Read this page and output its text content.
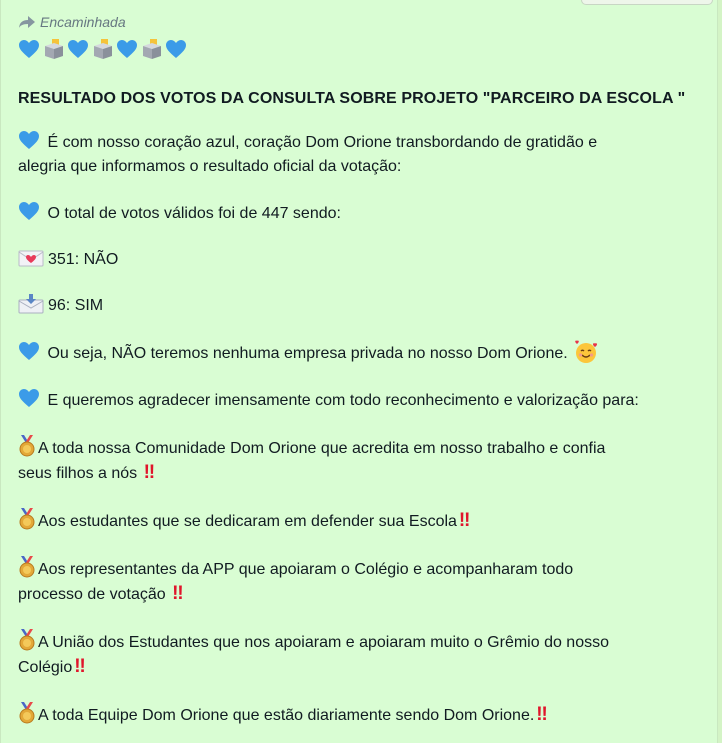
Encaminhada
RESULTADO DOS VOTOS DA CONSULTA SOBRE PROJETO "PARCEIRO DA ESCOLA "

É com nosso coração azul, coração Dom Orione transbordando de gratidão e
alegria que informamos o resultado oficial da votação:

O total de votos válidos foi de 447 sendo:

351: NÃO

96: SIM

Ou seja, NÃO teremos nenhuma empresa privada no nosso Dom Orione.

E queremos agradecer imensamente com todo reconhecimento e valorização para:

A toda nossa Comunidade Dom Orione que acredita em nosso trabalho e confia
seus filhos a nós ‼

Aos estudantes que se dedicaram em defender sua Escola ‼

Aos representantes da APP que apoiaram o Colégio e acompanharam todo
processo de votação ‼

A União dos Estudantes que nos apoiaram e apoiaram muito o Grêmio do nosso
Colégio ‼

A toda Equipe Dom Orione que estão diariamente sendo Dom Orione. ‼
